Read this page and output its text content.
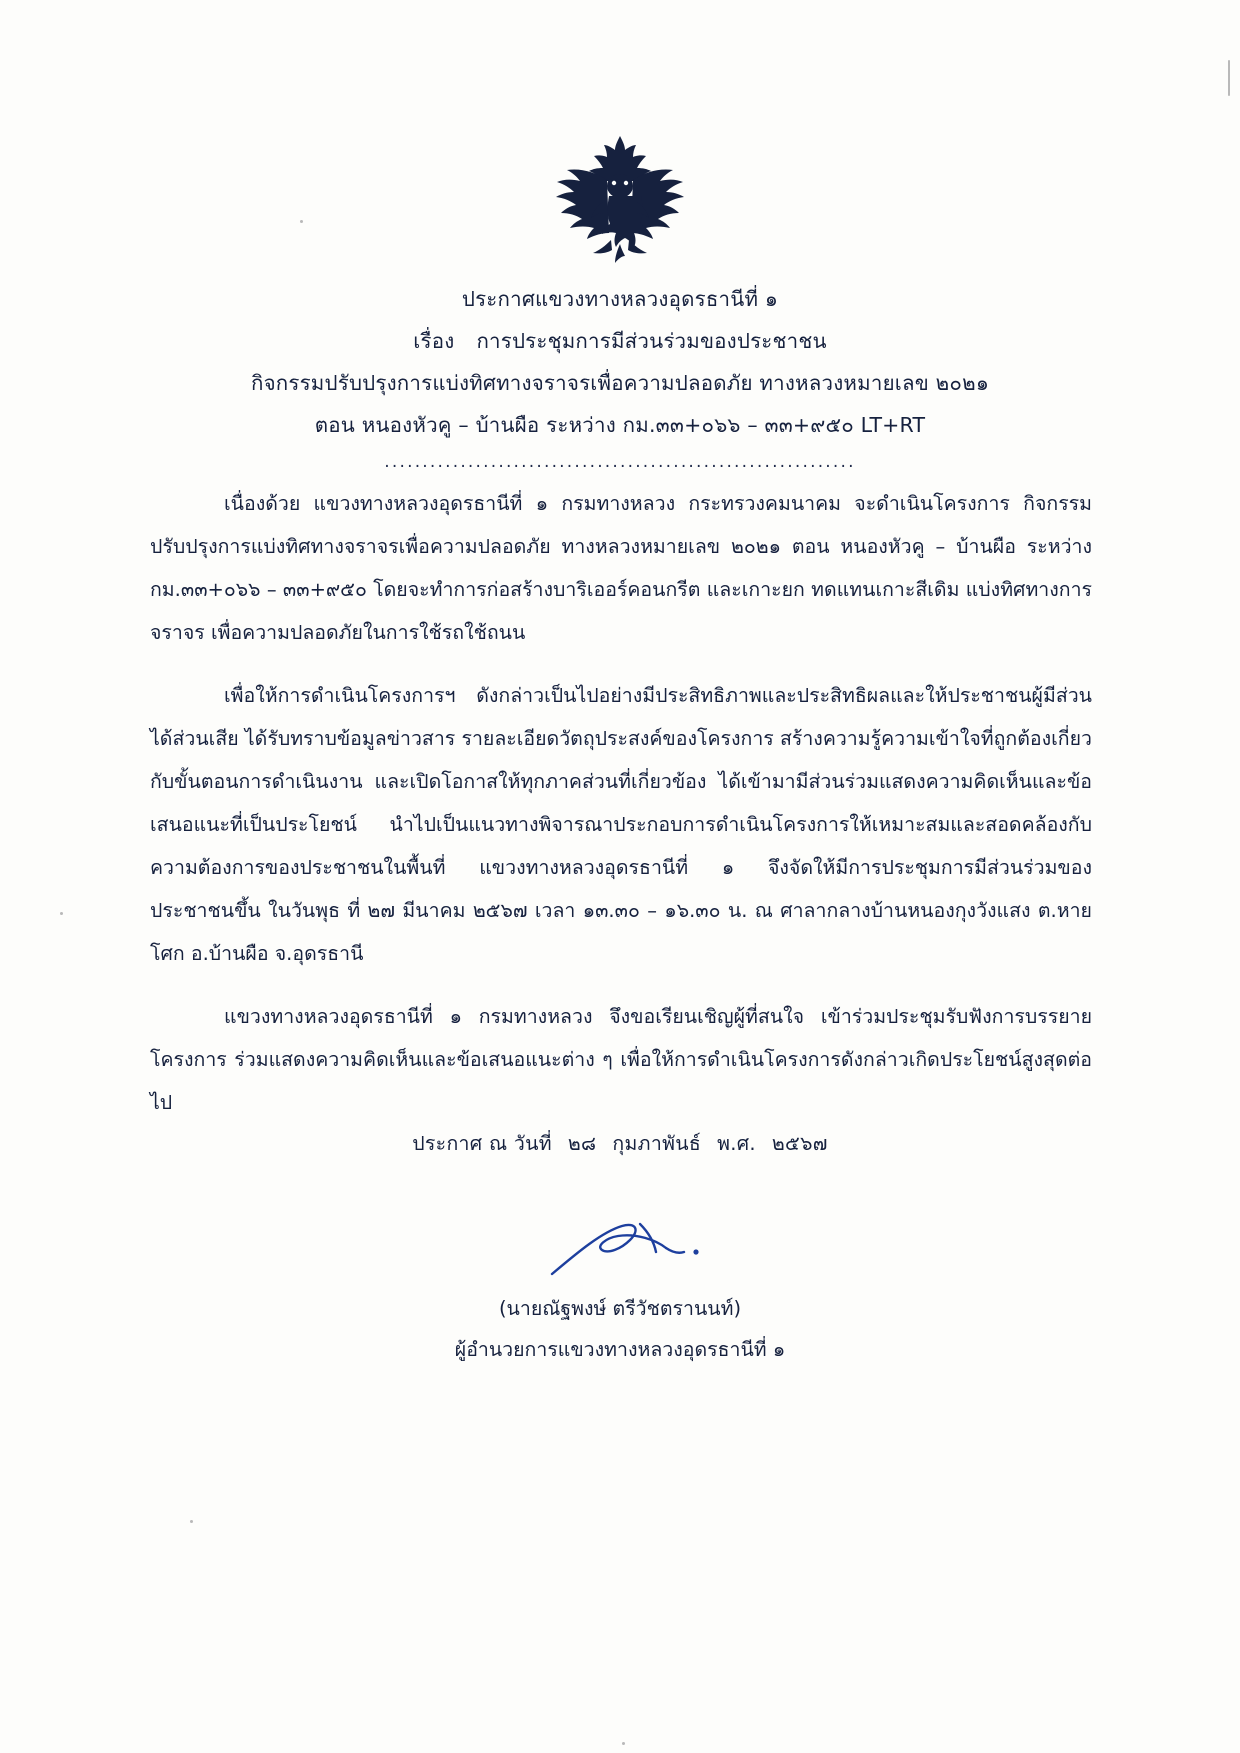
ประกาศแขวงทางหลวงอุดรธานีที่ ๑
เรื่อง การประชุมการมีส่วนร่วมของประชาชน
กิจกรรมปรับปรุงการแบ่งทิศทางจราจรเพื่อความปลอดภัย ทางหลวงหมายเลข ๒๐๒๑
ตอน หนองหัวคู – บ้านผือ ระหว่าง กม.๓๓+๐๖๖ – ๓๓+๙๕๐ LT+RT
..............................................................

เนื่องด้วย แขวงทางหลวงอุดรธานีที่ ๑ กรมทางหลวง กระทรวงคมนาคม จะดำเนินโครงการ กิจกรรมปรับปรุงการแบ่งทิศทางจราจรเพื่อความปลอดภัย ทางหลวงหมายเลข ๒๐๒๑ ตอน หนองหัวคู – บ้านผือ ระหว่าง กม.๓๓+๐๖๖ – ๓๓+๙๕๐ โดยจะทำการก่อสร้างบาริเออร์คอนกรีต และเกาะยก ทดแทนเกาะสีเดิม แบ่งทิศทางการจราจร เพื่อความปลอดภัยในการใช้รถใช้ถนน

เพื่อให้การดำเนินโครงการฯ ดังกล่าวเป็นไปอย่างมีประสิทธิภาพและประสิทธิผลและให้ประชาชนผู้มีส่วนได้ส่วนเสีย ได้รับทราบข้อมูลข่าวสาร รายละเอียดวัตถุประสงค์ของโครงการ สร้างความรู้ความเข้าใจที่ถูกต้องเกี่ยวกับขั้นตอนการดำเนินงาน และเปิดโอกาสให้ทุกภาคส่วนที่เกี่ยวข้อง ได้เข้ามามีส่วนร่วมแสดงความคิดเห็นและข้อเสนอแนะที่เป็นประโยชน์ นำไปเป็นแนวทางพิจารณาประกอบการดำเนินโครงการให้เหมาะสมและสอดคล้องกับความต้องการของประชาชนในพื้นที่ แขวงทางหลวงอุดรธานีที่ ๑ จึงจัดให้มีการประชุมการมีส่วนร่วมของประชาชนขึ้น ในวันพุธ ที่ ๒๗ มีนาคม ๒๕๖๗ เวลา ๑๓.๓๐ – ๑๖.๓๐ น. ณ ศาลากลางบ้านหนองกุงวังแสง ต.หายโศก อ.บ้านผือ จ.อุดรธานี

แขวงทางหลวงอุดรธานีที่ ๑ กรมทางหลวง จึงขอเรียนเชิญผู้ที่สนใจ เข้าร่วมประชุมรับฟังการบรรยายโครงการ ร่วมแสดงความคิดเห็นและข้อเสนอแนะต่าง ๆ เพื่อให้การดำเนินโครงการดังกล่าวเกิดประโยชน์สูงสุดต่อไป

ประกาศ ณ วันที่ ๒๘ กุมภาพันธ์ พ.ศ. ๒๕๖๗
(นายณัฐพงษ์ ตรีวัชตรานนท์)
ผู้อำนวยการแขวงทางหลวงอุดรธานีที่ ๑
